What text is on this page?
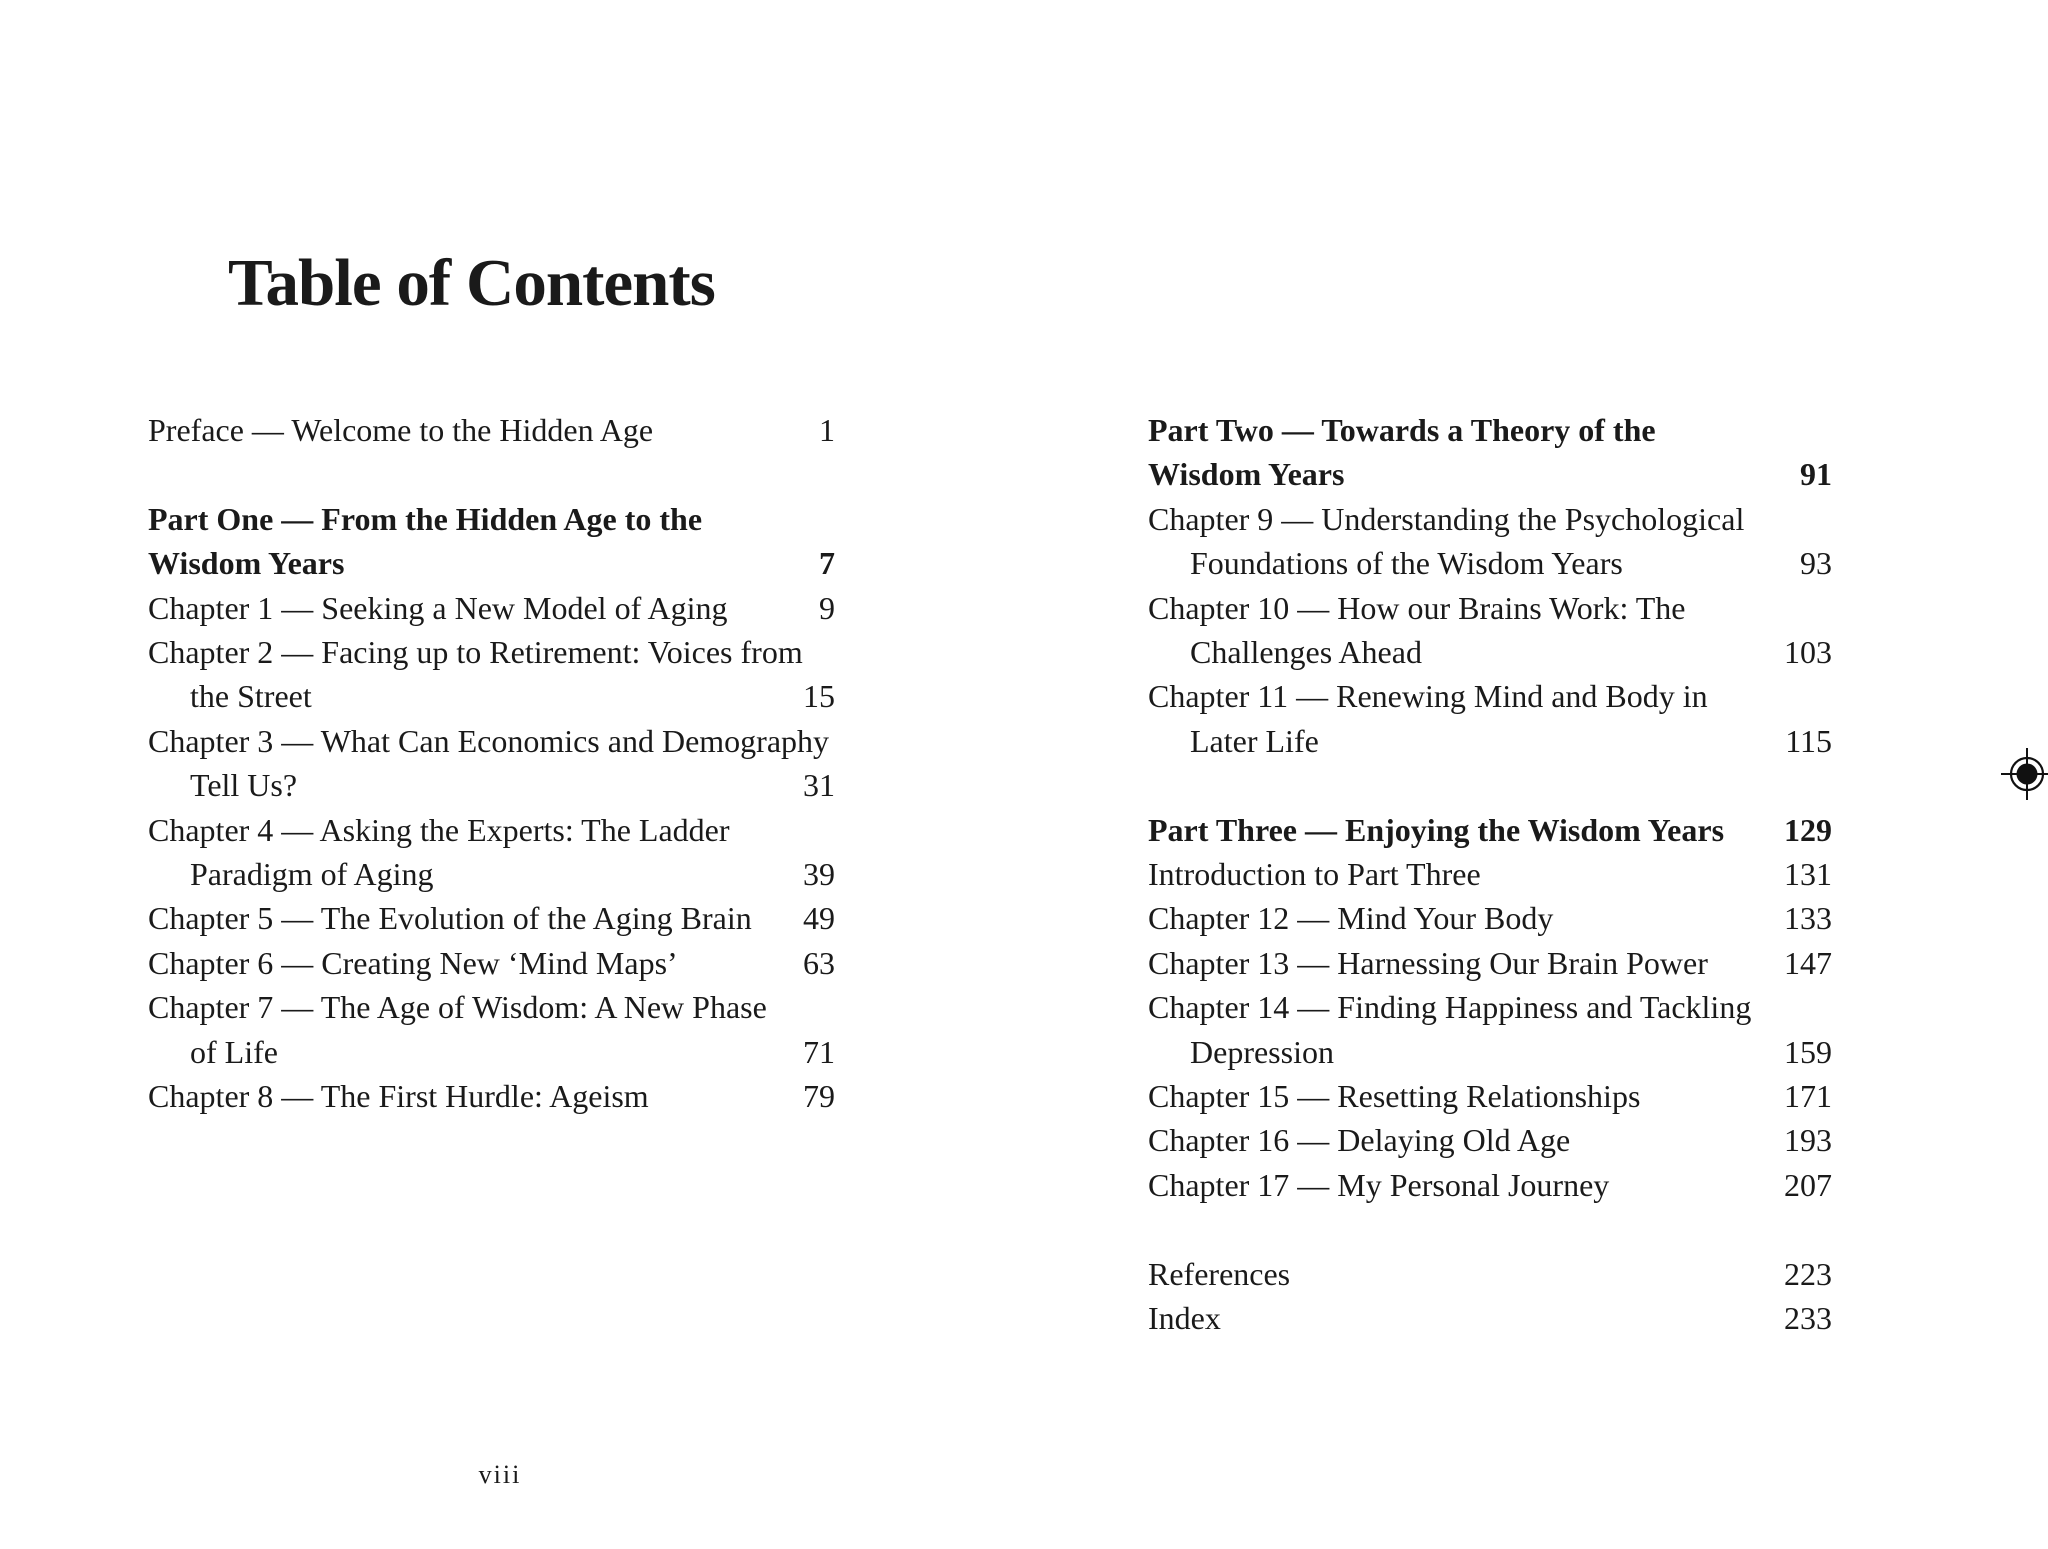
Table of Contents
Preface — Welcome to the Hidden Age	1
Part One — From the Hidden Age to the
Wisdom Years	7
Chapter 1 — Seeking a New Model of Aging	9
Chapter 2 — Facing up to Retirement: Voices from
the Street	15
Chapter 3 — What Can Economics and Demography
Tell Us?	31
Chapter 4 — Asking the Experts: The Ladder
Paradigm of Aging	39
Chapter 5 — The Evolution of the Aging Brain	49
Chapter 6 — Creating New ‘Mind Maps’	63
Chapter 7 — The Age of Wisdom: A New Phase
of Life	71
Chapter 8 — The First Hurdle: Ageism	79
Part Two — Towards a Theory of the
Wisdom Years	91
Chapter 9 — Understanding the Psychological
Foundations of the Wisdom Years	93
Chapter 10 — How our Brains Work: The
Challenges Ahead	103
Chapter 11 — Renewing Mind and Body in
Later Life	115
Part Three — Enjoying the Wisdom Years	129
Introduction to Part Three	131
Chapter 12 — Mind Your Body	133
Chapter 13 — Harnessing Our Brain Power	147
Chapter 14 — Finding Happiness and Tackling
Depression	159
Chapter 15 — Resetting Relationships	171
Chapter 16 — Delaying Old Age	193
Chapter 17 — My Personal Journey	207
References	223
Index	233
viii
